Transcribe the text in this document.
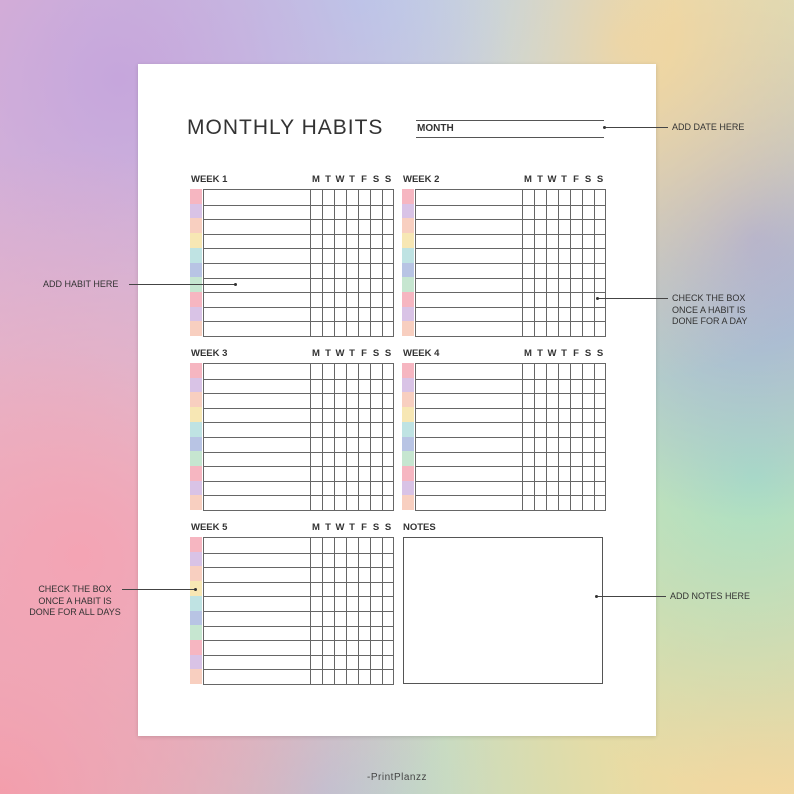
MONTHLY HABITS	MONTH
WEEK 1	M T W T F S S WEEK 2	M T W T F S S
WEEK 3	M T W T F S S WEEK 4	M T W T F S S
WEEK 5	M T W T F S S NOTES
ADD DATE HERE
ADD HABIT HERE
CHECK THE BOX
ONCE A HABIT IS
DONE FOR A DAY
CHECK THE BOX
ONCE A HABIT IS
DONE FOR ALL DAYS
ADD NOTES HERE
-PrintPlanzz
